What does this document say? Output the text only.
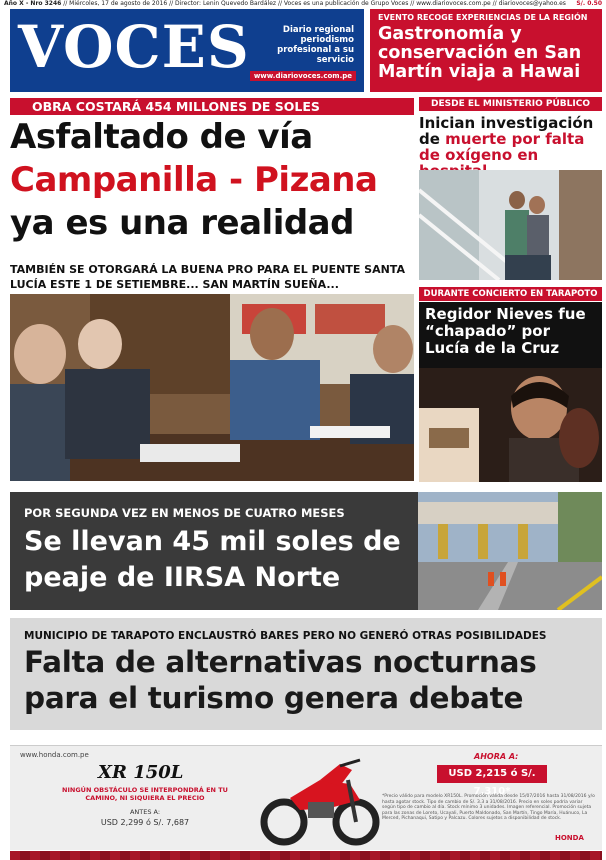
Año X - Nro 3246 // Miércoles, 17 de agosto de 2016 // Director: Lenin Quevedo Bardález // Voces es una publicación de Grupo Voces // www.diariovoces.com.pe // diariovoces@yahoo.es S/. 0.50
VOCES	Diario regional periodismo profesional a su servicio
www.diariovoces.com.pe
EVENTO RECOGE EXPERIENCIAS DE LA REGIÓN
Gastronomía y conservación en San Martín viaja a Hawai
OBRA COSTARÁ 454 MILLONES DE SOLES
Asfaltado de vía
Campanilla - Pizana
ya es una realidad
TAMBIÉN SE OTORGARÁ LA BUENA PRO PARA EL PUENTE SANTA LUCÍA ESTE 1 DE SETIEMBRE... SAN MARTÍN SUEÑA...
DESDE EL MINISTERIO PÚBLICO
Inician investigación de muerte por falta de oxígeno en
DURANTE CONCIERTO EN TARAPOTO
Regidor Nieves fue “chapado” por Lucía de la Cruz
POR SEGUNDA VEZ EN MENOS DE CUATRO MESES
Se llevan 45 mil soles de peaje de IIRSA Norte
MUNICIPIO DE TARAPOTO ENCLAUSTRÓ BARES PERO NO GENERÓ OTRAS POSIBILIDADES
Falta de alternativas nocturnas para el turismo genera debate
www.honda.com.pe
XR 150L
NINGÚN OBSTÁCULO SE INTERPONDRÁ EN TU CAMINO, NI SIQUIERA EL PRECIO
ANTES A:
USD 2,299 ó S/. 7,687
AHORA A:
USD 2,215 ó S/. 7,310*
*Precio válido para modelo XR150L. Promoción válida desde 15/07/2016 hasta 31/08/2016 y/o hasta agotar stock. Tipo de cambio de S/. 3.3 a 31/08/2016. Precio en soles podría variar según tipo de cambio al día. Stock mínimo 3 unidades. Imagen referencial. Promoción sujeta para las zonas de Loreto, Ucayali, Puerto Maldonado, San Martín, Tingo María, Huánuco, La Merced, Pichanaqui, Satipo y Palcazu. Colores sujetos a disponibilidad de stock.
HONDA
